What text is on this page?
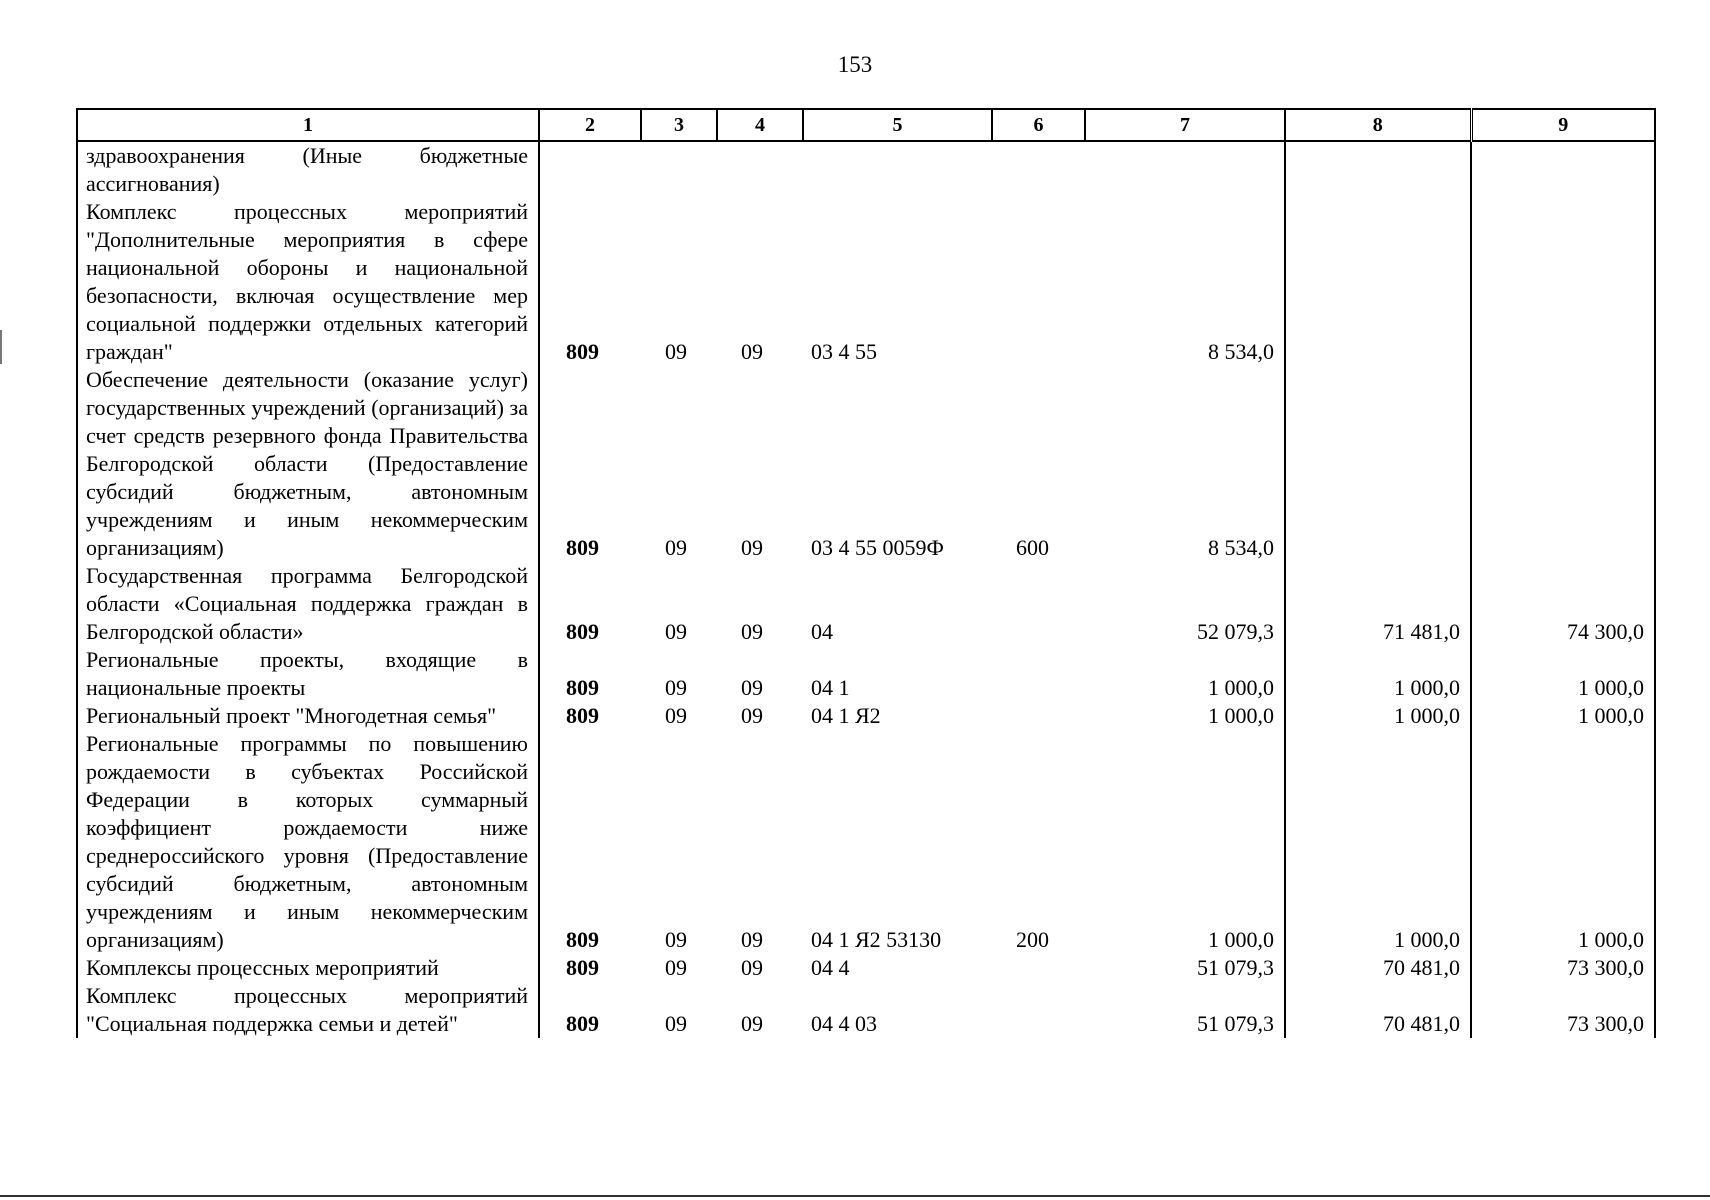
153
1	2	3	4	5	6	7	8	9
здравоохранения (Иные бюджетные ассигнования)								
Комплекс процессных мероприятий "Дополнительные мероприятия в сфере национальной обороны и национальной безопасности, включая осуществление мер социальной поддержки отдельных категорий граждан"	809	09	09	03 4 55		8 534,0		
Обеспечение деятельности (оказание услуг) государственных учреждений (организаций) за счет средств резервного фонда Правительства Белгородской области (Предоставление субсидий бюджетным, автономным учреждениям и иным некоммерческим организациям)	809	09	09	03 4 55 0059Ф	600	8 534,0		
Государственная программа Белгородской области «Социальная поддержка граждан в Белгородской области»	809	09	09	04		52 079,3	71 481,0	74 300,0
Региональные проекты, входящие в национальные проекты	809	09	09	04 1		1 000,0	1 000,0	1 000,0
Региональный проект "Многодетная семья"	809	09	09	04 1 Я2		1 000,0	1 000,0	1 000,0
Региональные программы по повышению рождаемости в субъектах Российской Федерации в которых суммарный коэффициент рождаемости ниже среднероссийского уровня (Предоставление субсидий бюджетным, автономным учреждениям и иным некоммерческим организациям)	809	09	09	04 1 Я2 53130	200	1 000,0	1 000,0	1 000,0
Комплексы процессных мероприятий	809	09	09	04 4		51 079,3	70 481,0	73 300,0
Комплекс процессных мероприятий "Социальная поддержка семьи и детей"	809	09	09	04 4 03		51 079,3	70 481,0	73 300,0
